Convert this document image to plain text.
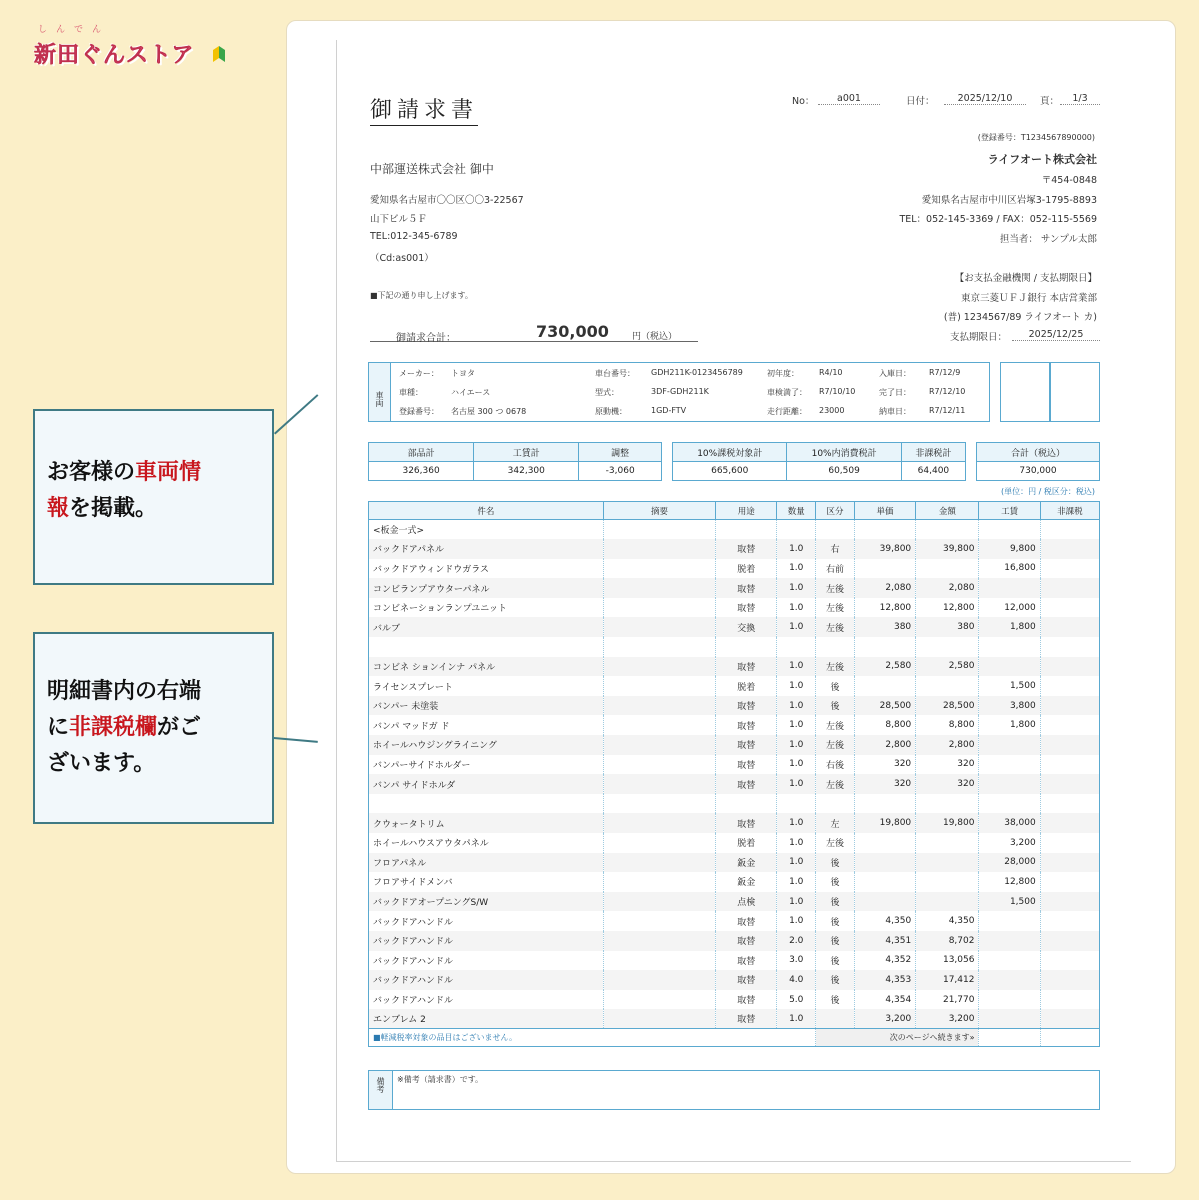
しんでん
新田ぐんストア
お客様の車両情
報を掲載。
明細書内の右端
に非課税欄がご
ざいます。
御請求書	No：	a001	日付：	2025/12/10	頁：	1/3
(登録番号：T1234567890000)
ライフオート株式会社
〒454-0848
愛知県名古屋市中川区岩塚3-1795-8893
TEL：052-145-3369 / FAX：052-115-5569
担当者： サンプル太郎
中部運送株式会社 御中
愛知県名古屋市〇〇区〇〇3-22567
山下ビル５Ｆ
TEL:012-345-6789
（Cd:as001）
■下記の通り申し上げます。
【お支払金融機関 / 支払期限日】
東京三菱ＵＦＪ銀行 本店営業部
(普) 1234567/89 ライフオート カ)
支払期限日：	2025/12/25
御請求合計：	730,000	円（税込）
車両
メーカー： トヨタ	車台番号： GDH211K-0123456789	初年度：	R4/10	入庫日： R7/12/9
車種：	ハイエース	型式：	3DF-GDH211K	車検満了： R7/10/10	完了日： R7/12/10
登録番号： 名古屋 300 つ 0678	原動機：	1GD-FTV	走行距離： 23000	納車日： R7/12/11
部品計	工賃計	調整
326,360	342,300	-3,060
10%課税対象計	10%内消費税計	非課税計
665,600	60,509	64,400
合計（税込）
730,000
(単位：円 / 税区分：税込)
件名	摘要	用途	数量	区分	単価	金額	工賃	非課税
<板金一式>								
バックドアパネル		取替	1.0	右	39,800	39,800	9,800	
バックドアウィンドウガラス		脱着	1.0	右前			16,800	
コンビランプアウターパネル		取替	1.0	左後	2,080	2,080		
コンビネーションランプユニット		取替	1.0	左後	12,800	12,800	12,000	
バルブ		交換	1.0	左後	380	380	1,800	

コンビネ ションインナ パネル		取替	1.0	左後	2,580	2,580		
ライセンスプレート		脱着	1.0	後			1,500	
バンパー 未塗装		取替	1.0	後	28,500	28,500	3,800	
バンパ マッドガ ド		取替	1.0	左後	8,800	8,800	1,800	
ホイールハウジングライニング		取替	1.0	左後	2,800	2,800		
バンパーサイドホルダー		取替	1.0	右後	320	320		
バンパ サイドホルダ		取替	1.0	左後	320	320		

クウォータトリム		取替	1.0	左	19,800	19,800	38,000	
ホイールハウスアウタパネル		脱着	1.0	左後			3,200	
フロアパネル		鈑金	1.0	後			28,000	
フロアサイドメンバ		鈑金	1.0	後			12,800	
バックドアオープニングS/W		点検	1.0	後			1,500	
バックドアハンドル		取替	1.0	後	4,350	4,350		
バックドアハンドル		取替	2.0	後	4,351	8,702		
バックドアハンドル		取替	3.0	後	4,352	13,056		
バックドアハンドル		取替	4.0	後	4,353	17,412		
バックドアハンドル		取替	5.0	後	4,354	21,770		
エンブレム 2		取替	1.0		3,200	3,200		
■軽減税率対象の品目はございません。				次のページへ続きます»				
備考	※備考（請求書）です。
